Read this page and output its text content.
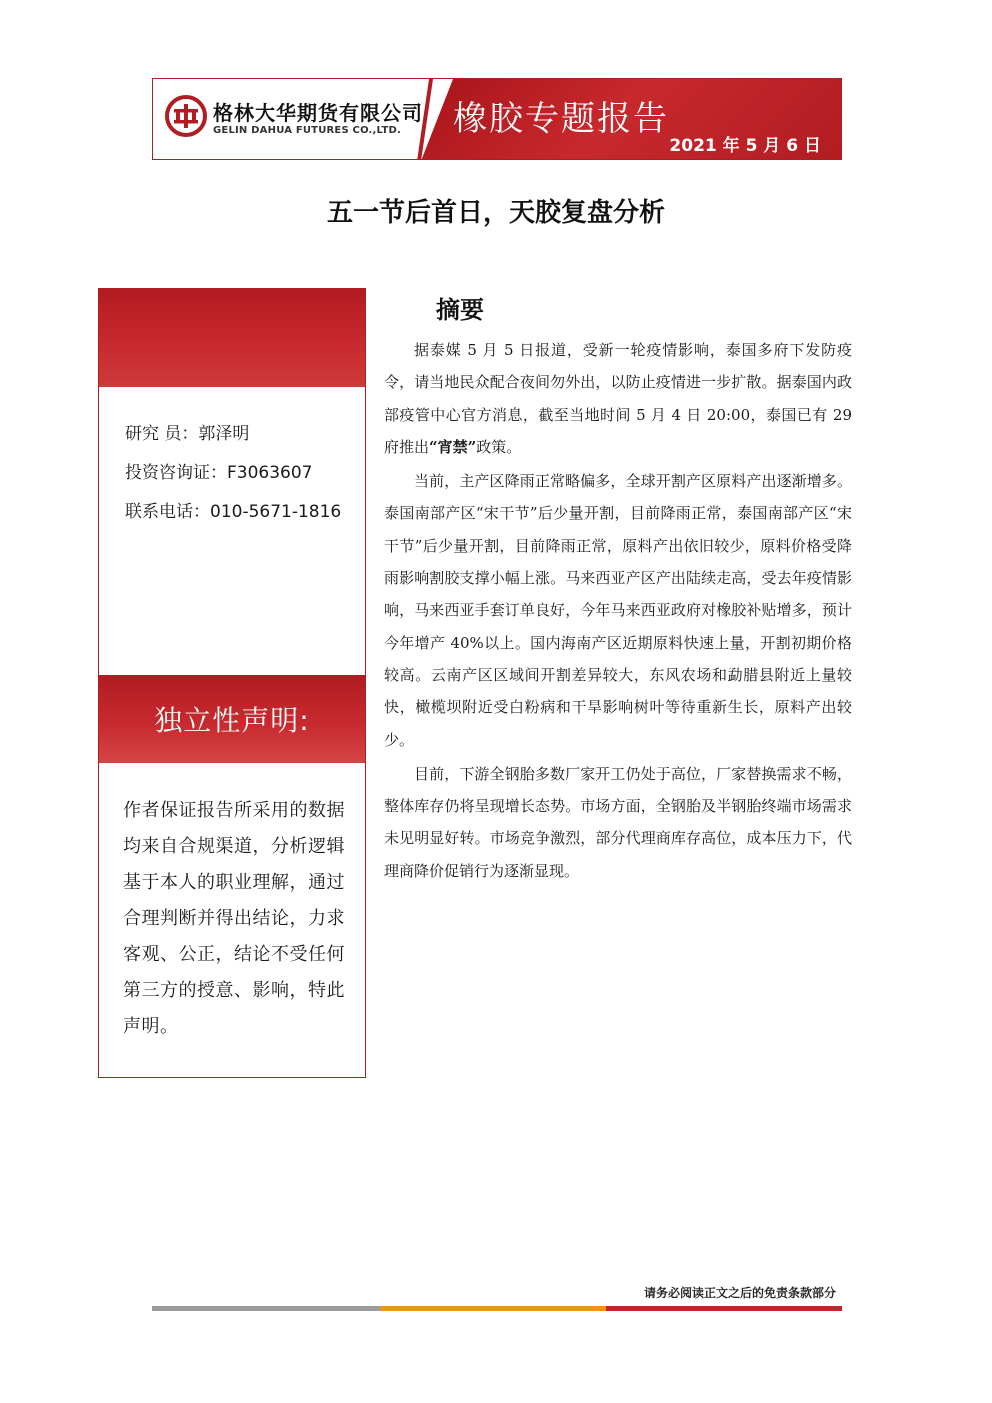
格林大华期货有限公司
GELIN DAHUA FUTURES CO.,LTD. 橡胶专题报告
2021 年 5 月 6 日
五一节后首日，天胶复盘分析
研究 员：郭泽明
投资咨询证：F3063607
联系电话：010-5671-1816
独立性声明:
作者保证报告所采用的数据均来自合规渠道，分析逻辑基于本人的职业理解，通过合理判断并得出结论，力求客观、公正，结论不受任何第三方的授意、影响，特此声明。
摘要

据泰媒 5 月 5 日报道，受新一轮疫情影响，泰国多府下发防疫令，请当地民众配合夜间勿外出，以防止疫情进一步扩散。据泰国内政部疫管中心官方消息，截至当地时间 5 月 4 日 20:00，泰国已有 29 府推出“宵禁”政策。

当前，主产区降雨正常略偏多，全球开割产区原料产出逐渐增多。泰国南部产区“宋干节”后少量开割，目前降雨正常，泰国南部产区“宋干节”后少量开割，目前降雨正常，原料产出依旧较少，原料价格受降雨影响割胶支撑小幅上涨。马来西亚产区产出陆续走高，受去年疫情影响，马来西亚手套订单良好，今年马来西亚政府对橡胶补贴增多，预计今年增产 40%以上。国内海南产区近期原料快速上量，开割初期价格较高。云南产区区域间开割差异较大，东风农场和勐腊县附近上量较快，橄榄坝附近受白粉病和干旱影响树叶等待重新生长，原料产出较少。

目前，下游全钢胎多数厂家开工仍处于高位，厂家替换需求不畅，整体库存仍将呈现增长态势。市场方面，全钢胎及半钢胎终端市场需求未见明显好转。市场竞争激烈，部分代理商库存高位，成本压力下，代理商降价促销行为逐渐显现。

请务必阅读正文之后的免责条款部分
